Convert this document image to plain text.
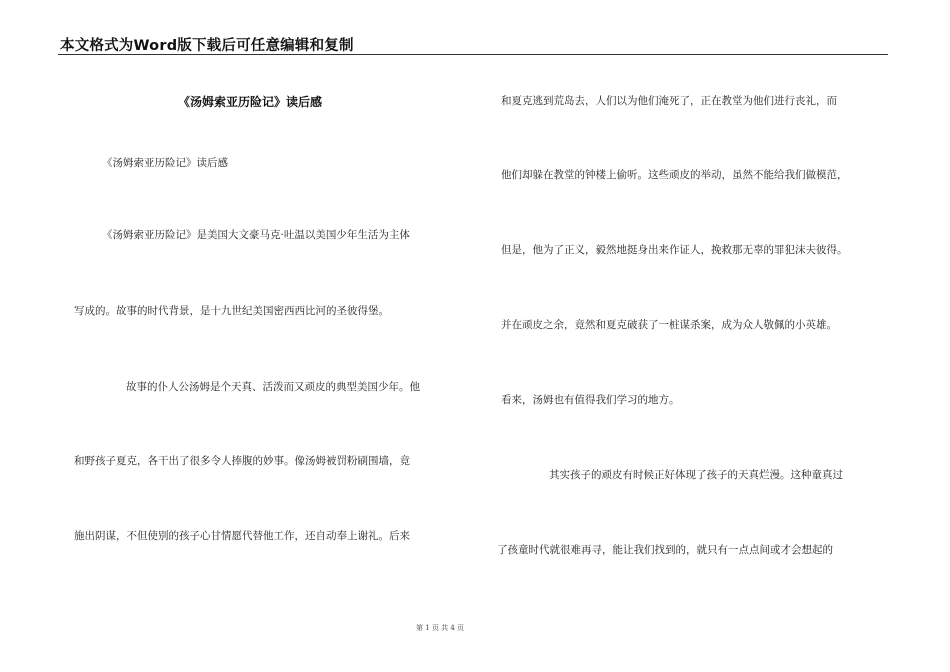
本文格式为Word版下载后可任意编辑和复制
《汤姆索亚历险记》读后感
《汤姆索亚历险记》读后感
《汤姆索亚历险记》是美国大文豪马克·吐温以美国少年生活为主体
写成的。故事的时代背景，是十九世纪美国密西西比河的圣彼得堡。
故事的仆人公汤姆是个天真、活泼而又顽皮的典型美国少年。他
和野孩子夏克，各干出了很多令人捧腹的妙事。像汤姆被罚粉刷围墙，竟
施出阴谋，不但使别的孩子心甘情愿代替他工作，还自动奉上谢礼。后来
和夏克逃到荒岛去，人们以为他们淹死了，正在教堂为他们进行丧礼，而
他们却躲在教堂的钟楼上偷听。这些顽皮的举动，虽然不能给我们做模范，
但是，他为了正义，毅然地挺身出来作证人，挽救那无辜的罪犯沫夫彼得。
并在顽皮之余，竟然和夏克破获了一桩谋杀案，成为众人敬佩的小英雄。
看来，汤姆也有值得我们学习的地方。
其实孩子的顽皮有时候正好体现了孩子的天真烂漫。这种童真过
了孩童时代就很难再寻，能让我们找到的，就只有一点点间或才会想起的
第 1 页 共 4 页
